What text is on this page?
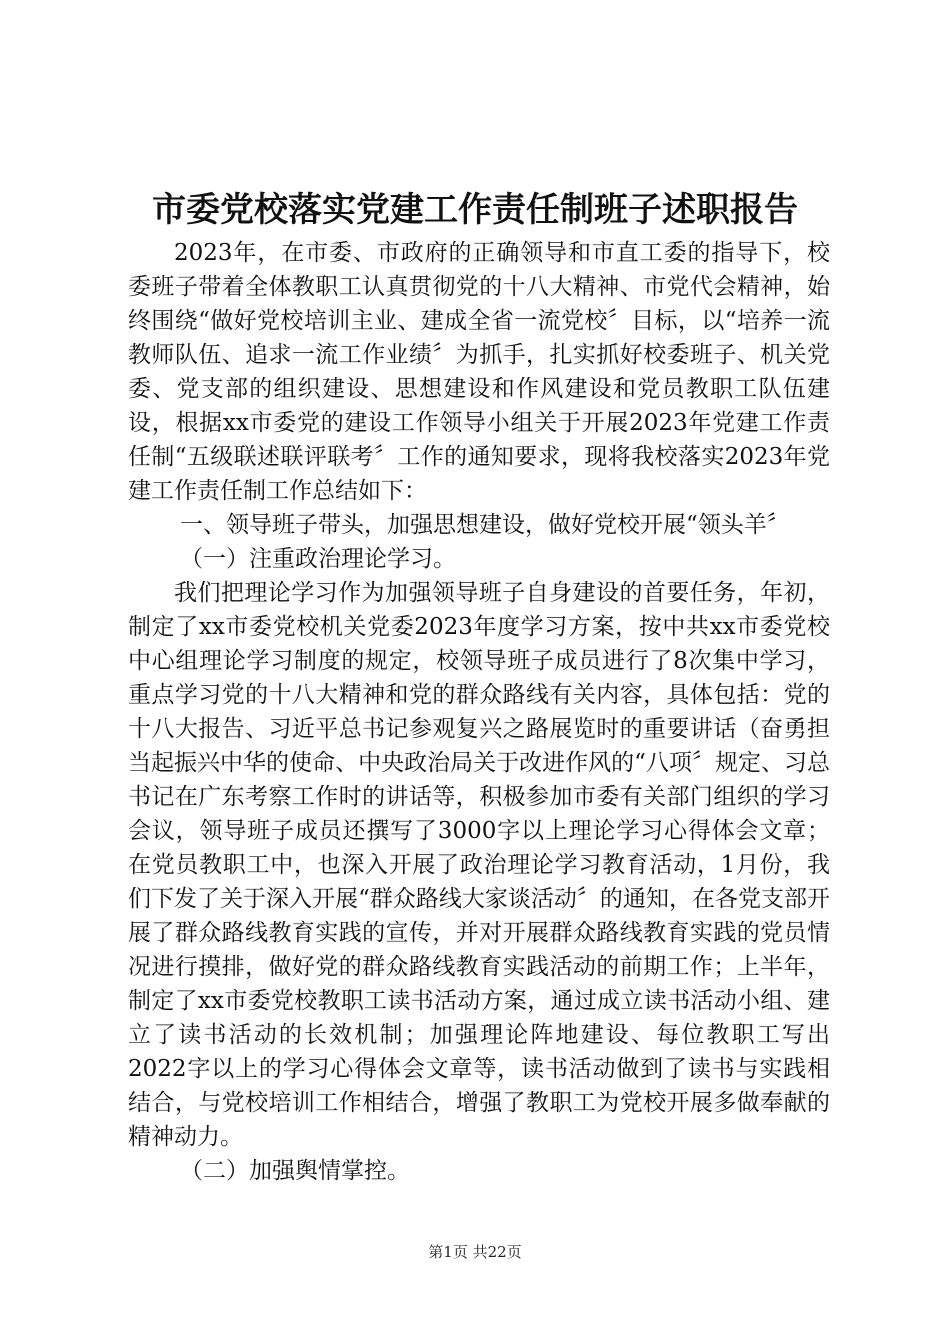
市委党校落实党建工作责任制班子述职报告

2023年，在市委、市政府的正确领导和市直工委的指导下，校委班子带着全体教职工认真贯彻党的十八大精神、市党代会精神，始终围绕“做好党校培训主业、建成全省一流党校〞目标，以“培养一流教师队伍、追求一流工作业绩〞为抓手，扎实抓好校委班子、机关党委、党支部的组织建设、思想建设和作风建设和党员教职工队伍建设，根据xx市委党的建设工作领导小组关于开展2023年党建工作责任制“五级联述联评联考〞工作的通知要求，现将我校落实2023年党建工作责任制工作总结如下：

一、领导班子带头，加强思想建设，做好党校开展“领头羊〞

（一）注重政治理论学习。

我们把理论学习作为加强领导班子自身建设的首要任务，年初，制定了xx市委党校机关党委2023年度学习方案，按中共xx市委党校中心组理论学习制度的规定，校领导班子成员进行了8次集中学习，重点学习党的十八大精神和党的群众路线有关内容，具体包括：党的十八大报告、习近平总书记参观复兴之路展览时的重要讲话（奋勇担当起振兴中华的使命、中央政治局关于改进作风的“八项〞规定、习总书记在广东考察工作时的讲话等，积极参加市委有关部门组织的学习会议，领导班子成员还撰写了3000字以上理论学习心得体会文章；在党员教职工中，也深入开展了政治理论学习教育活动，1月份，我们下发了关于深入开展“群众路线大家谈活动〞的通知，在各党支部开展了群众路线教育实践的宣传，并对开展群众路线教育实践的党员情况进行摸排，做好党的群众路线教育实践活动的前期工作；上半年，制定了xx市委党校教职工读书活动方案，通过成立读书活动小组、建立了读书活动的长效机制；加强理论阵地建设、每位教职工写出2022字以上的学习心得体会文章等，读书活动做到了读书与实践相结合，与党校培训工作相结合，增强了教职工为党校开展多做奉献的精神动力。

（二）加强舆情掌控。

第1页 共22页
